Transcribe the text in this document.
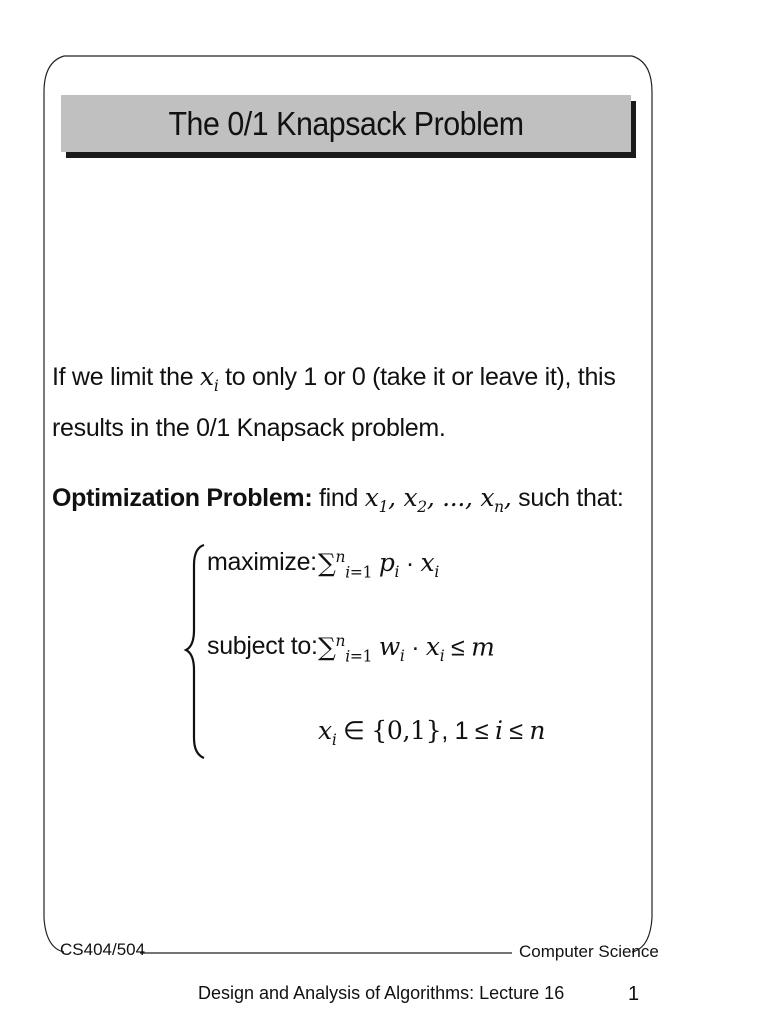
The 0/1 Knapsack Problem
If we limit the $x_i$ to only 1 or 0 (take it or leave it), this results in the 0/1 Knapsack problem.
Optimization Problem: find $x_1$, $x_2$, ..., $x_n$, such that:
maximize: ∑$^n_{i=1}$ $p_i \cdot x_i$
subject to: ∑$^n_{i=1}$ $w_i \cdot x_i \le m$
$x_i$ ∈ {0,1}, 1 ≤ i ≤ n
CS404/504	Computer Science
Design and Analysis of Algorithms: Lecture 16	1
